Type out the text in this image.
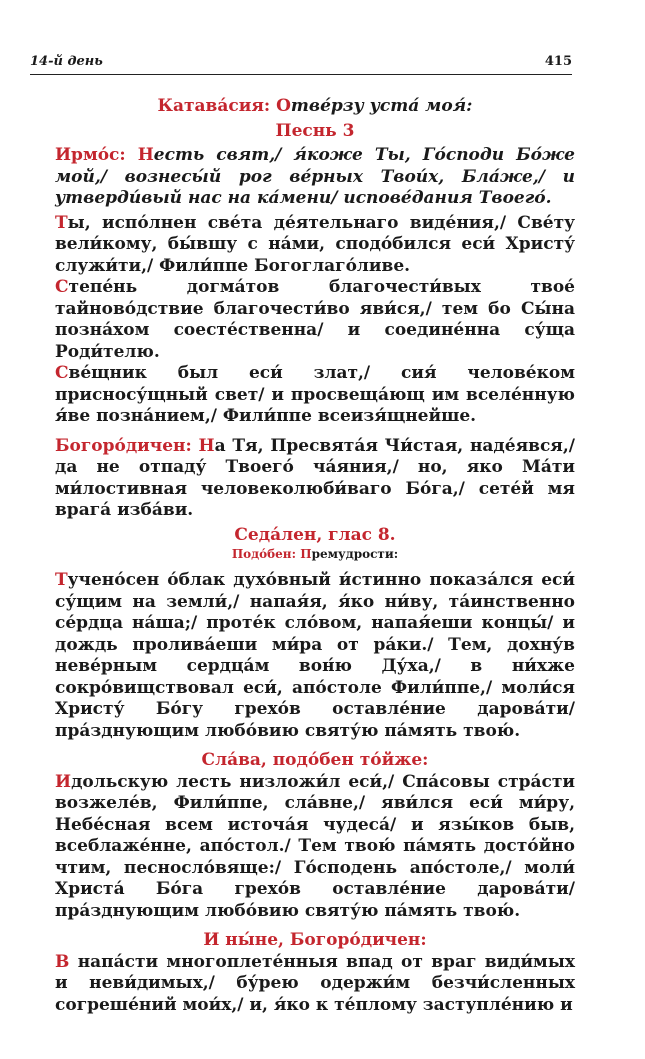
14-й день	415
Катава́сия: Отве́рзу уста́ моя́:
Песнь 3

Ирмо́с: Несть свят,/ я́коже Ты, Го́споди Бо́же мой,/ вознесы́й рог ве́рных Твои́х, Бла́же,/ и утверди́вый нас на ка́мени/ испове́дания Твоего́.

Ты, испо́лнен све́та де́ятельнаго виде́ния,/ Све́ту вели́кому, бы́вшу с на́ми, сподо́бился еси́ Христу́ служи́ти,/ Фили́ппе Богоглаго́ливе.

Степе́нь догма́тов благочести́вых твое́ тайново́дствие благочести́во яви́ся,/ тем бо Сы́на позна́хом соесте́ственна/ и соедине́нна су́ща Роди́телю.

Све́щник был еси́ злат,/ сия́ челове́ком присносу́щный свет/ и просвеща́ющ им вселе́нную я́ве позна́нием,/ Фили́ппе всеизя́щнейше.

Богоро́дичен: На Тя, Пресвята́я Чи́стая, наде́явся,/ да не отпаду́ Твоего́ ча́яния,/ но, яко Ма́ти ми́лостивная человеколюби́ваго Бо́га,/ сете́й мя врага́ изба́ви.

Седа́лен, глас 8.
Подо́бен: Премудрости:

Тучено́сен о́блак духо́вный и́стинно показа́лся еси́ су́щим на земли́,/ напая́я, я́ко ни́ву, та́инственно се́рдца на́ша;/ проте́к сло́вом, напая́еши концы́/ и дождь пролива́еши ми́ра от ра́ки./ Тем, дохну́в неве́рным сердца́м вон́ю Ду́ха,/ в ни́хже сокро́вищствовал еси́, апо́столе Фили́ппе,/ моли́ся Христу́ Бо́гу грехо́в оставле́ние дарова́ти/ пра́зднующим любо́вию святу́ю па́мять твою́.

Сла́ва, подо́бен то́йже:

Идольскую лесть низложи́л еси́,/ Спа́совы стра́сти возжеле́в, Фили́ппе, сла́вне,/ яви́лся еси́ ми́ру, Небе́сная всем источа́я чудеса́/ и язы́ков быв, всеблаже́нне, апо́стол./ Тем твою́ па́мять досто́йно чтим, песносло́вяще:/ Го́сподень апо́столе,/ моли́ Христа́ Бо́га грехо́в оставле́ние дарова́ти/ пра́зднующим любо́вию святу́ю па́мять твою́.

И ны́не, Богоро́дичен:

В напа́сти многоплете́нныя впад от враг види́мых и неви́димых,/ бу́рею одержи́м безчи́сленных согреше́ний мои́х,/ и, я́ко к те́плому заступле́нию и
